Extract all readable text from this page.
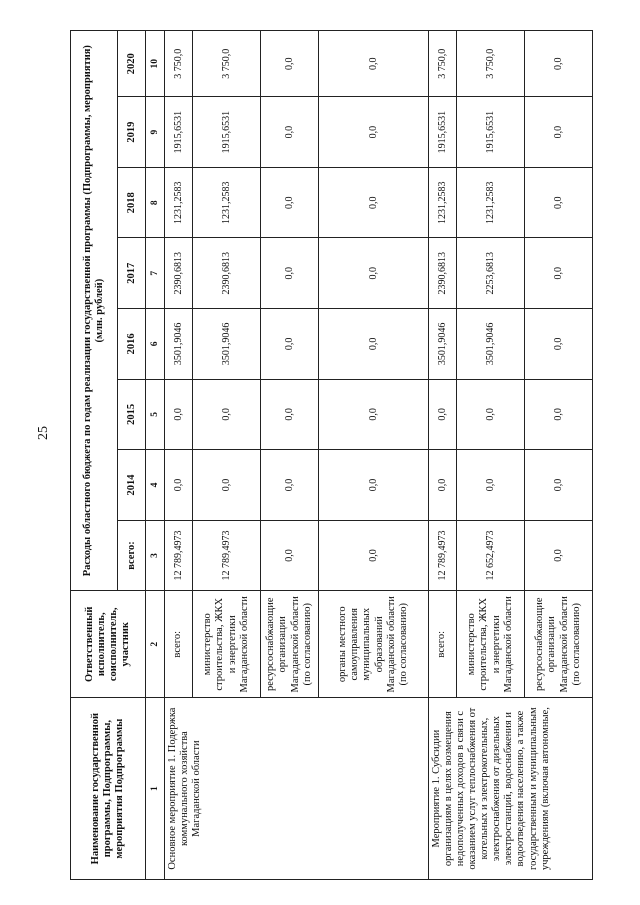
25
Наименование государственной программы, Подпрограммы, мероприятия Подпрограммы	Ответственный исполнитель, соисполнитель, участник	Расходы областного бюджета по годам реализации государственной программы (Подпрограммы, мероприятия) (млн. рублей)							
		всего:	2014	2015	2016	2017	2018	2019	2020
1	2	3	4	5	6	7	8	9	10
Основное мероприятие 1. Подержка коммунального хозяйства Магаданской области	всего:	12 789,4973	0,0	0,0	3501,9046	2390,6813	1231,2583	1915,6531	3 750,0
	министерство строительства, ЖКХ и энергетики Магаданской области	12 789,4973	0,0	0,0	3501,9046	2390,6813	1231,2583	1915,6531	3 750,0
	ресурсоснабжающие организации Магаданской области (по согласованию)	0,0	0,0	0,0	0,0	0,0	0,0	0,0	0,0
	органы местного самоуправления муниципальных образований Магаданской области (по согласованию)	0,0	0,0	0,0	0,0	0,0	0,0	0,0	0,0
Мероприятие 1. Субсидии организациям в целях возмещения недополученных доходов в связи с оказанием услуг теплоснабжения от котельных и электрокотельных, электроснабжения от дизельных электростанций, водоснабжения и водоотведения населению, а также государственным и муниципальным учреждениям (включая автономные,	всего:	12 789,4973	0,0	0,0	3501,9046	2390,6813	1231,2583	1915,6531	3 750,0
	министерство строительства, ЖКХ и энергетики Магаданской области	12 652,4973	0,0	0,0	3501,9046	2253,6813	1231,2583	1915,6531	3 750,0
	ресурсоснабжающие организации Магаданской области (по согласованию)	0,0	0,0	0,0	0,0	0,0	0,0	0,0	0,0
